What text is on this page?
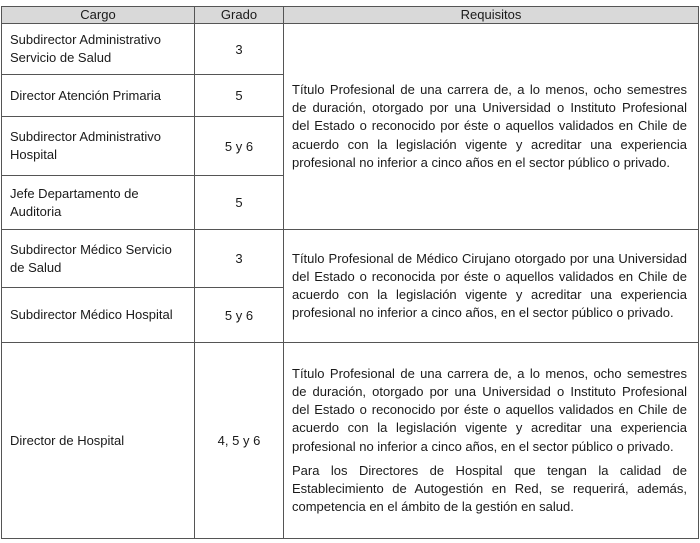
Cargo	Grado	Requisitos
Subdirector Administrativo Servicio de Salud	3	Título Profesional de una carrera de, a lo menos, ocho semestres de duración, otorgado por una Universidad o Instituto Profesional del Estado o reconocido por éste o aquellos validados en Chile de acuerdo con la legislación vigente y acreditar una experiencia profesional no inferior a cinco años en el sector público o privado.

Director Atención Primaria	5	
Subdirector Administrativo Hospital	5 y 6	
Jefe Departamento de Auditoria	5	
Subdirector Médico Servicio de Salud	3	Título Profesional de Médico Cirujano otorgado por una Universidad del Estado o reconocida por éste o aquellos validados en Chile de acuerdo con la legislación vigente y acreditar una experiencia profesional no inferior a cinco años, en el sector público o privado.

Subdirector Médico Hospital	5 y 6	
Director de Hospital	4, 5 y 6	Título Profesional de una carrera de, a lo menos, ocho semestres de duración, otorgado por una Universidad o Instituto Profesional del Estado o reconocido por éste o aquellos validados en Chile de acuerdo con la legislación vigente y acreditar una experiencia profesional no inferior a cinco años, en el sector público o privado.

Para los Directores de Hospital que tengan la calidad de Establecimiento de Autogestión en Red, se requerirá, además, competencia en el ámbito de la gestión en salud.
